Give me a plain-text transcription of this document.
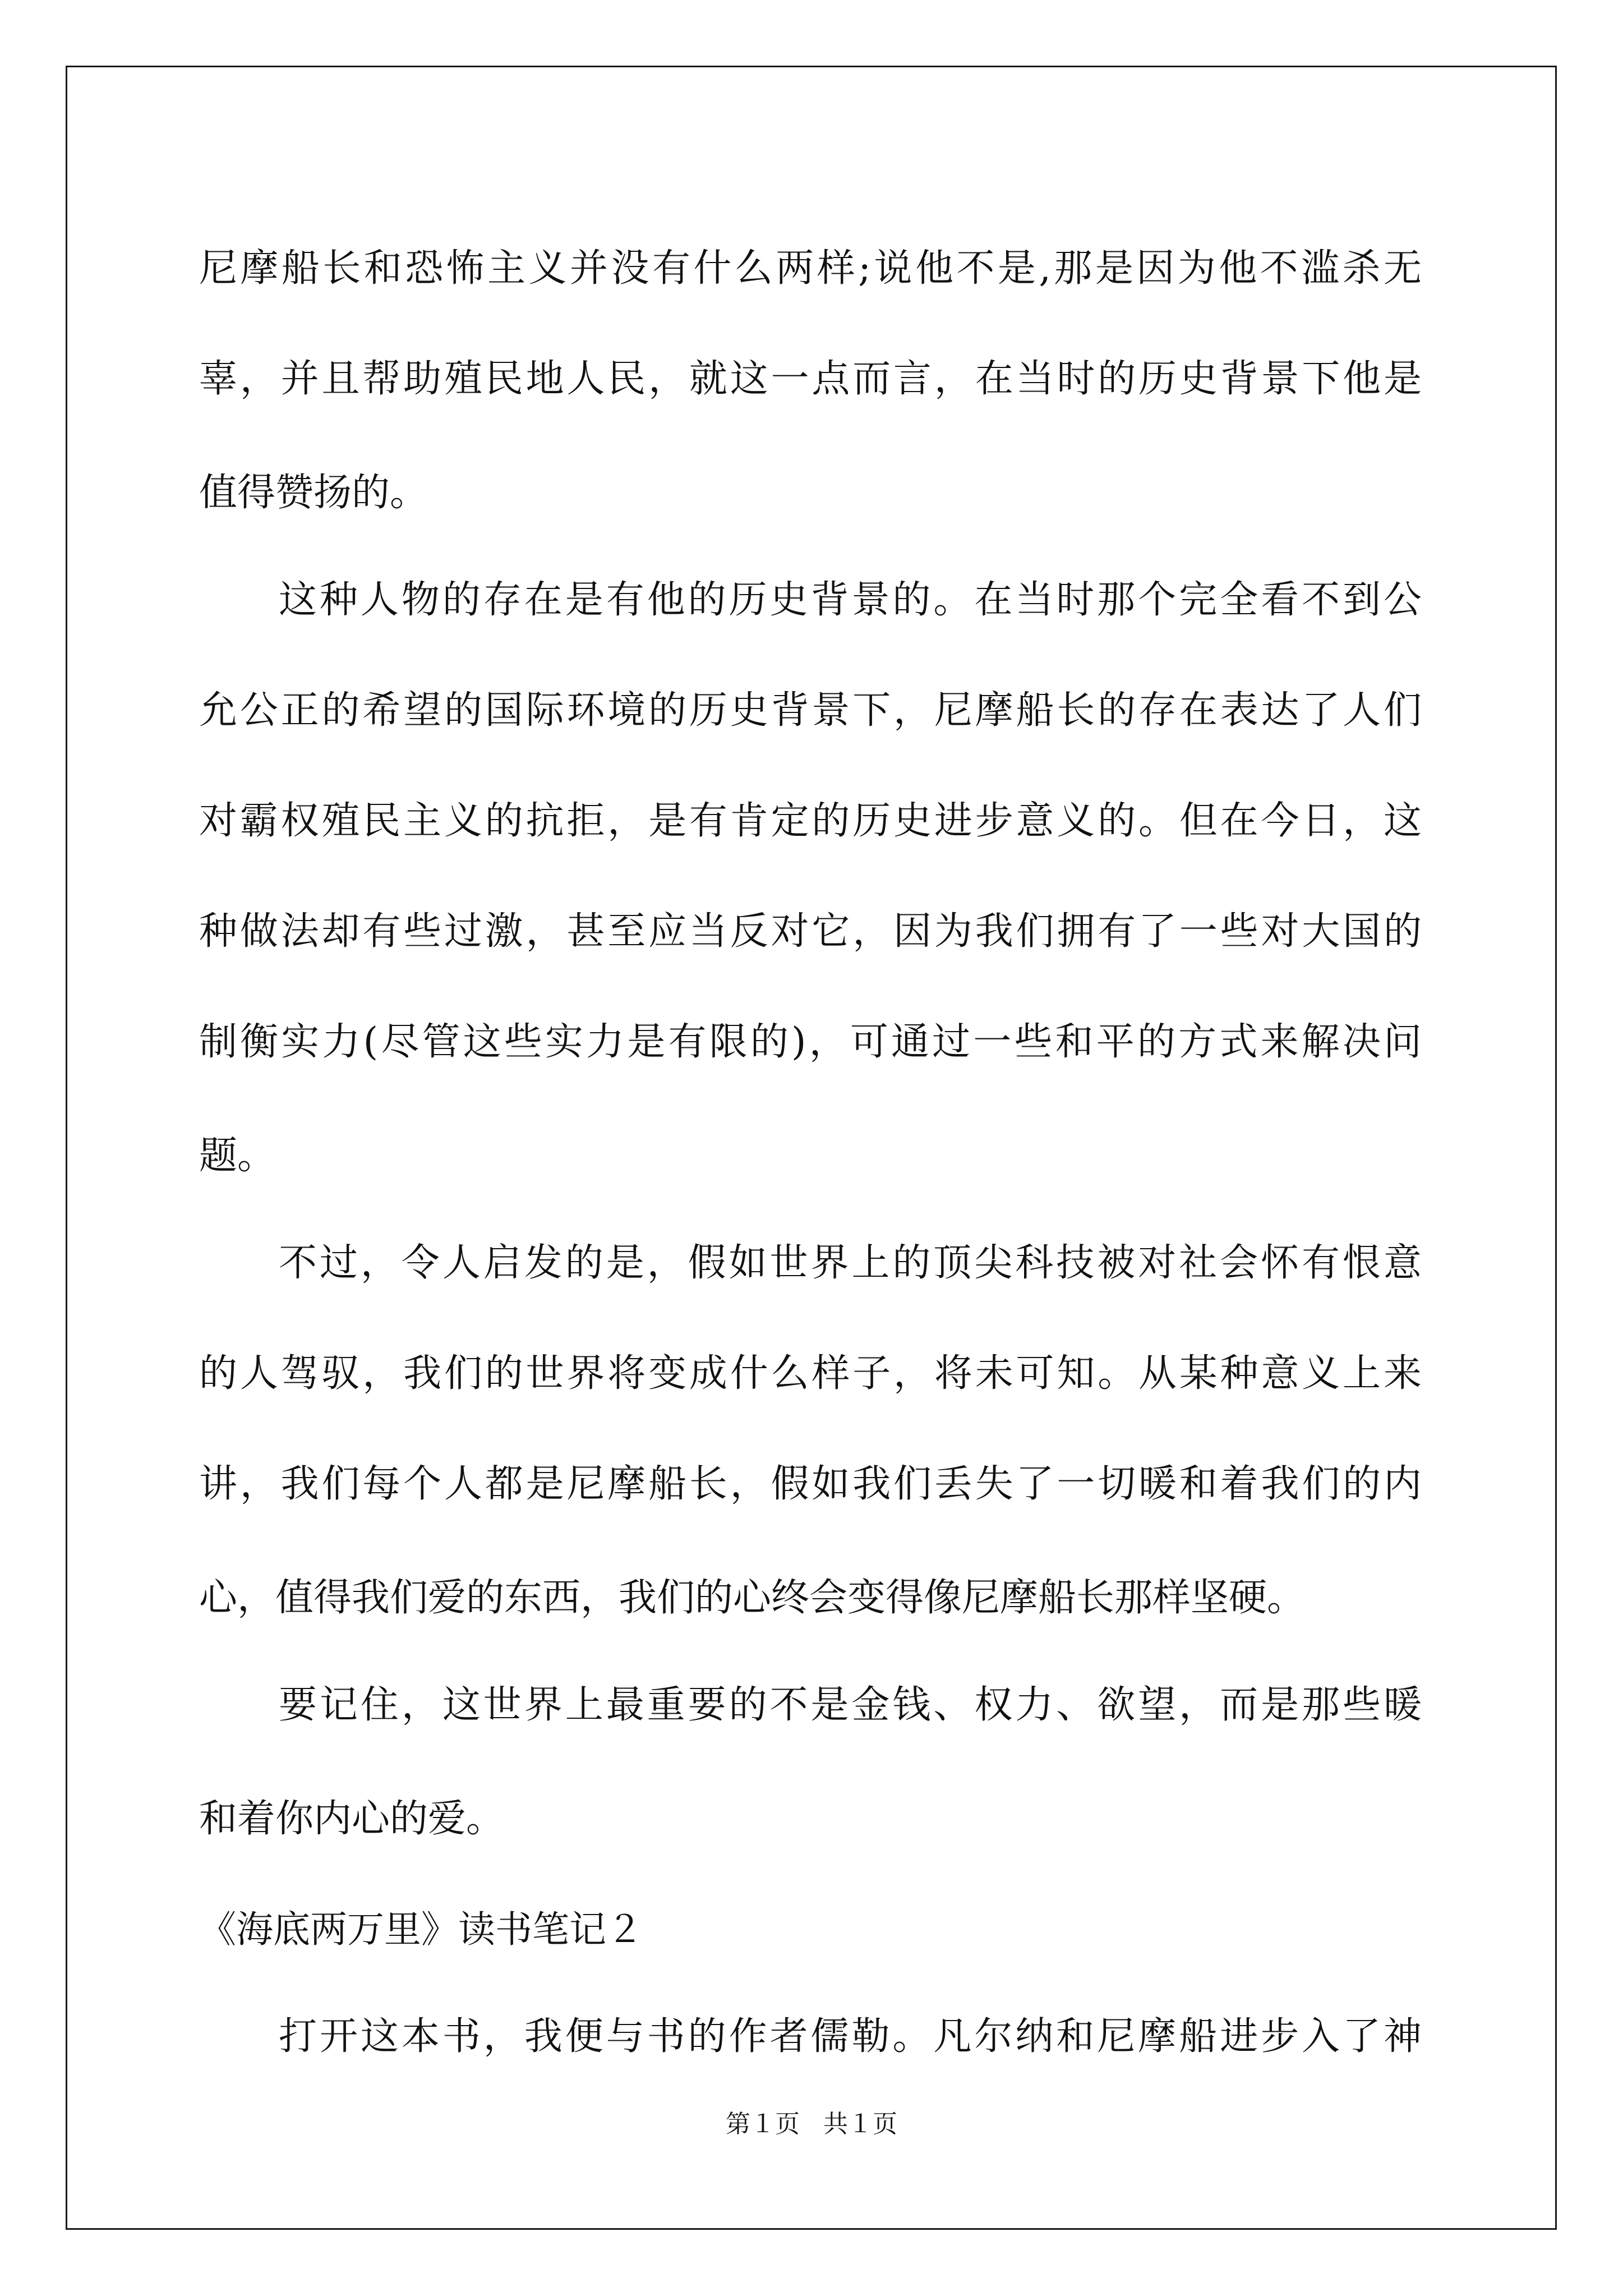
尼摩船长和恐怖主义并没有什么两样;说他不是,那是因为他不滥杀无
辜，并且帮助殖民地人民，就这一点而言，在当时的历史背景下他是
值得赞扬的。
这种人物的存在是有他的历史背景的。在当时那个完全看不到公
允公正的希望的国际环境的历史背景下，尼摩船长的存在表达了人们
对霸权殖民主义的抗拒，是有肯定的历史进步意义的。但在今日，这
种做法却有些过激，甚至应当反对它，因为我们拥有了一些对大国的
制衡实力(尽管这些实力是有限的)，可通过一些和平的方式来解决问
题。
不过，令人启发的是，假如世界上的顶尖科技被对社会怀有恨意
的人驾驭，我们的世界将变成什么样子，将未可知。从某种意义上来
讲，我们每个人都是尼摩船长，假如我们丢失了一切暖和着我们的内
心，值得我们爱的东西，我们的心终会变得像尼摩船长那样坚硬。
要记住，这世界上最重要的不是金钱、权力、欲望，而是那些暖
和着你内心的爱。
《海底两万里》读书笔记２
打开这本书，我便与书的作者儒勒。凡尔纳和尼摩船进步入了神
第１页 共１页
